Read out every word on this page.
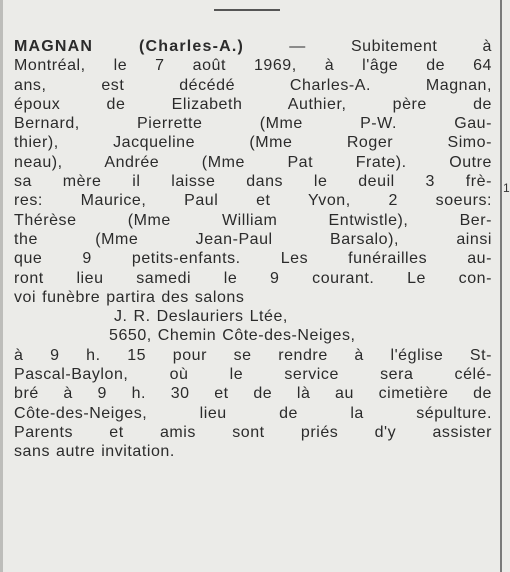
1
MAGNAN (Charles-A.) — Subitement à
Montréal, le 7 août 1969, à l'âge de 64
ans, est décédé Charles-A. Magnan,
époux de Elizabeth Authier, père de
Bernard, Pierrette (Mme P-W. Gau-
thier), Jacqueline (Mme Roger Simo-
neau), Andrée (Mme Pat Frate). Outre
sa mère il laisse dans le deuil 3 frè-
res: Maurice, Paul et Yvon, 2 soeurs:
Thérèse (Mme William Entwistle), Ber-
the (Mme Jean-Paul Barsalo), ainsi
que 9 petits-enfants. Les funérailles au-
ront lieu samedi le 9 courant. Le con-
voi funèbre partira des salons
J. R. Deslauriers Ltée,
5650, Chemin Côte-des-Neiges,
à 9 h. 15 pour se rendre à l'église St-
Pascal-Baylon, où le service sera célé-
bré à 9 h. 30 et de là au cimetière de
Côte-des-Neiges, lieu de la sépulture.
Parents et amis sont priés d'y assister
sans autre invitation.
